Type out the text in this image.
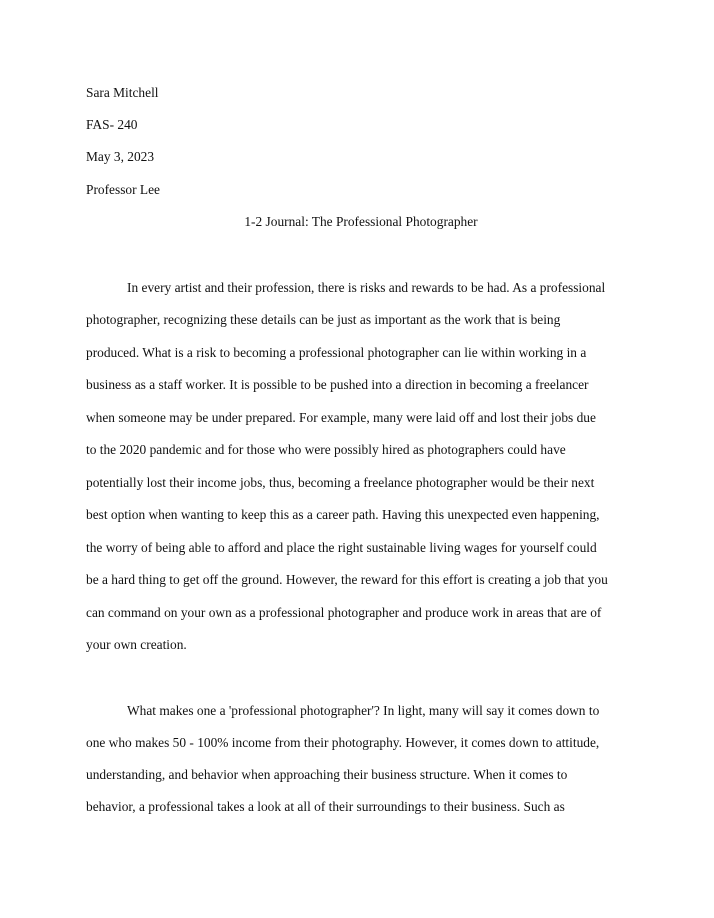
Sara Mitchell
FAS- 240
May 3, 2023
Professor Lee
1-2 Journal: The Professional Photographer
In every artist and their profession, there is risks and rewards to be had. As a professional
photographer, recognizing these details can be just as important as the work that is being
produced. What is a risk to becoming a professional photographer can lie within working in a
business as a staff worker. It is possible to be pushed into a direction in becoming a freelancer
when someone may be under prepared. For example, many were laid off and lost their jobs due
to the 2020 pandemic and for those who were possibly hired as photographers could have
potentially lost their income jobs, thus, becoming a freelance photographer would be their next
best option when wanting to keep this as a career path. Having this unexpected even happening,
the worry of being able to afford and place the right sustainable living wages for yourself could
be a hard thing to get off the ground. However, the reward for this effort is creating a job that you
can command on your own as a professional photographer and produce work in areas that are of
your own creation.
What makes one a 'professional photographer'? In light, many will say it comes down to
one who makes 50 - 100% income from their photography. However, it comes down to attitude,
understanding, and behavior when approaching their business structure. When it comes to
behavior, a professional takes a look at all of their surroundings to their business. Such as
